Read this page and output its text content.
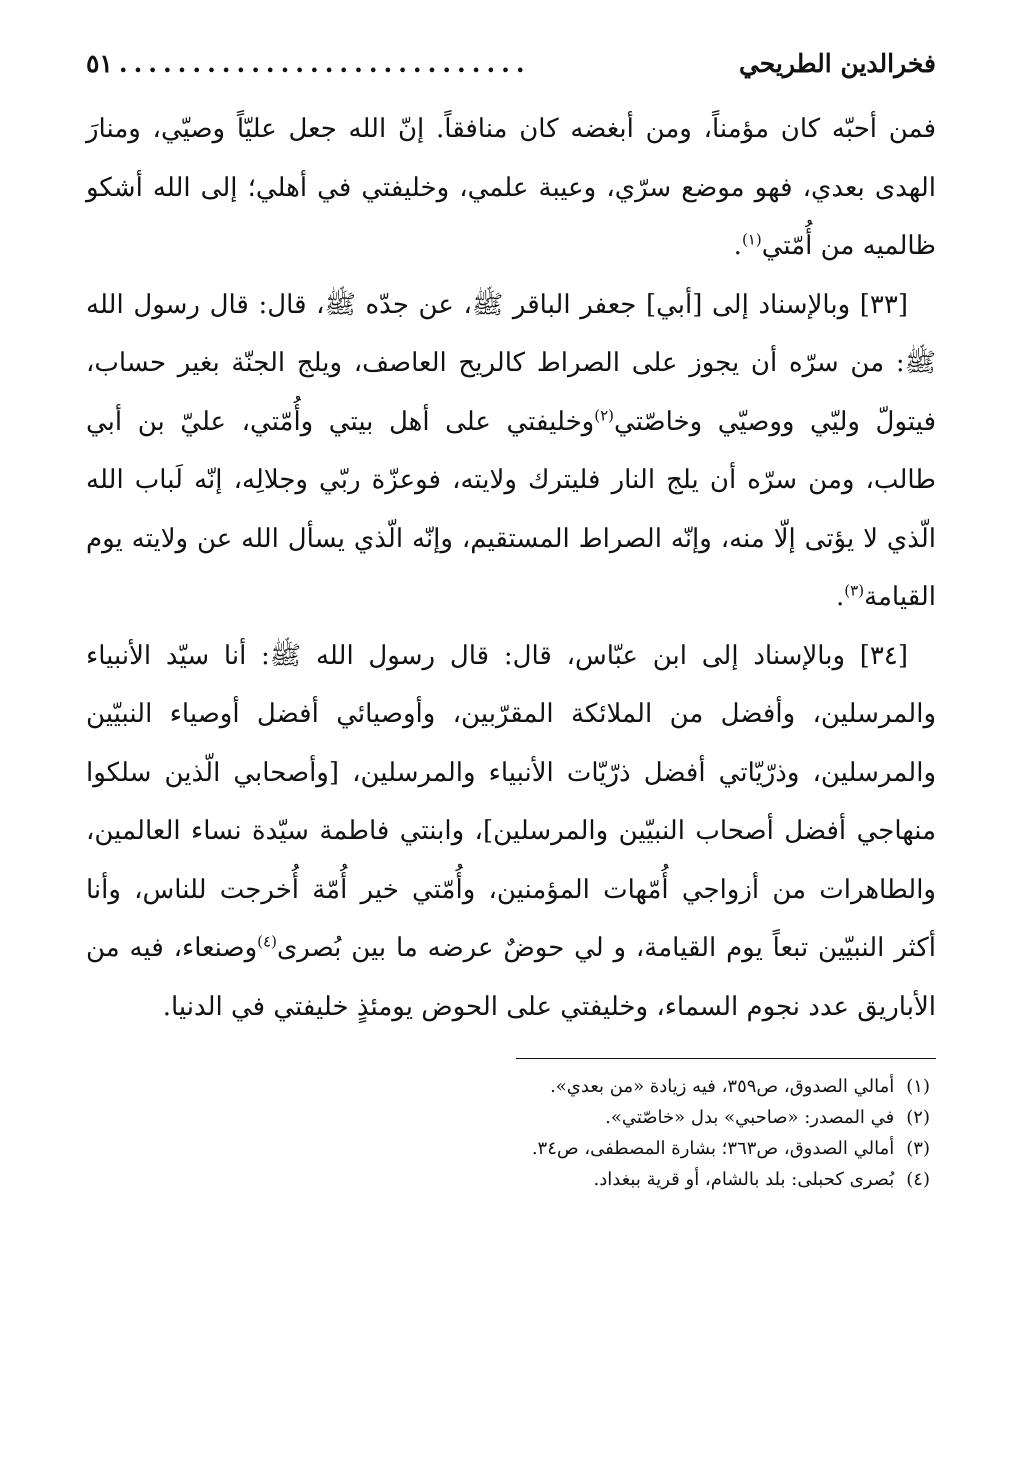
فخرالدين الطريحي
............................
٥١

فمن أحبّه كان مؤمناً، ومن أبغضه كان منافقاً. إنّ الله جعل عليّاً وصيّي، ومنارَ الهدى بعدي، فهو موضع سرّي، وعيبة علمي، وخليفتي في أهلي؛ إلى الله أشكو ظالميه من أُمّتي$^{(١)}$.

[٣٣] وبالإسناد إلى [أبي] جعفر الباقر ﷺ، عن جدّه ﷺ، قال: قال رسول الله ﷺ: من سرّه أن يجوز على الصراط كالريح العاصف، ويلج الجنّة بغير حساب، فيتولّ وليّي ووصيّي وخاصّتي$^{(٢)}$وخليفتي على أهل بيتي وأُمّتي، عليّ بن أبي طالب، ومن سرّه أن يلج النار فليترك ولايته، فوعزّة ربّي وجلالِه، إنّه لَباب الله الّذي لا يؤتى إلّا منه، وإنّه الصراط المستقيم، وإنّه الّذي يسأل الله عن ولايته يوم القيامة$^{(٣)}$.

[٣٤] وبالإسناد إلى ابن عبّاس، قال: قال رسول الله ﷺ: أنا سيّد الأنبياء والمرسلين، وأفضل من الملائكة المقرّبين، وأوصيائي أفضل أوصياء النبيّين والمرسلين، وذرّيّاتي أفضل ذرّيّات الأنبياء والمرسلين، [وأصحابي الّذين سلكوا منهاجي أفضل أصحاب النبيّين والمرسلين]، وابنتي فاطمة سيّدة نساء العالمين، والطاهرات من أزواجي أُمّهات المؤمنين، وأُمّتي خير أُمّة أُخرجت للناس، وأنا أكثر النبيّين تبعاً يوم القيامة، و لي حوضٌ عرضه ما بين بُصرى$^{(٤)}$وصنعاء، فيه من الأباريق عدد نجوم السماء، وخليفتي على الحوض يومئذٍ خليفتي في الدنيا.

(١) أمالي الصدوق، ص٣٥٩، فيه زيادة «من بعدي».

(٢) في المصدر: «صاحبي» بدل «خاصّتي».

(٣) أمالي الصدوق، ص٣٦٣؛ بشارة المصطفى، ص٣٤.

(٤) بُصرى كحبلى: بلد بالشام، أو قرية ببغداد.
